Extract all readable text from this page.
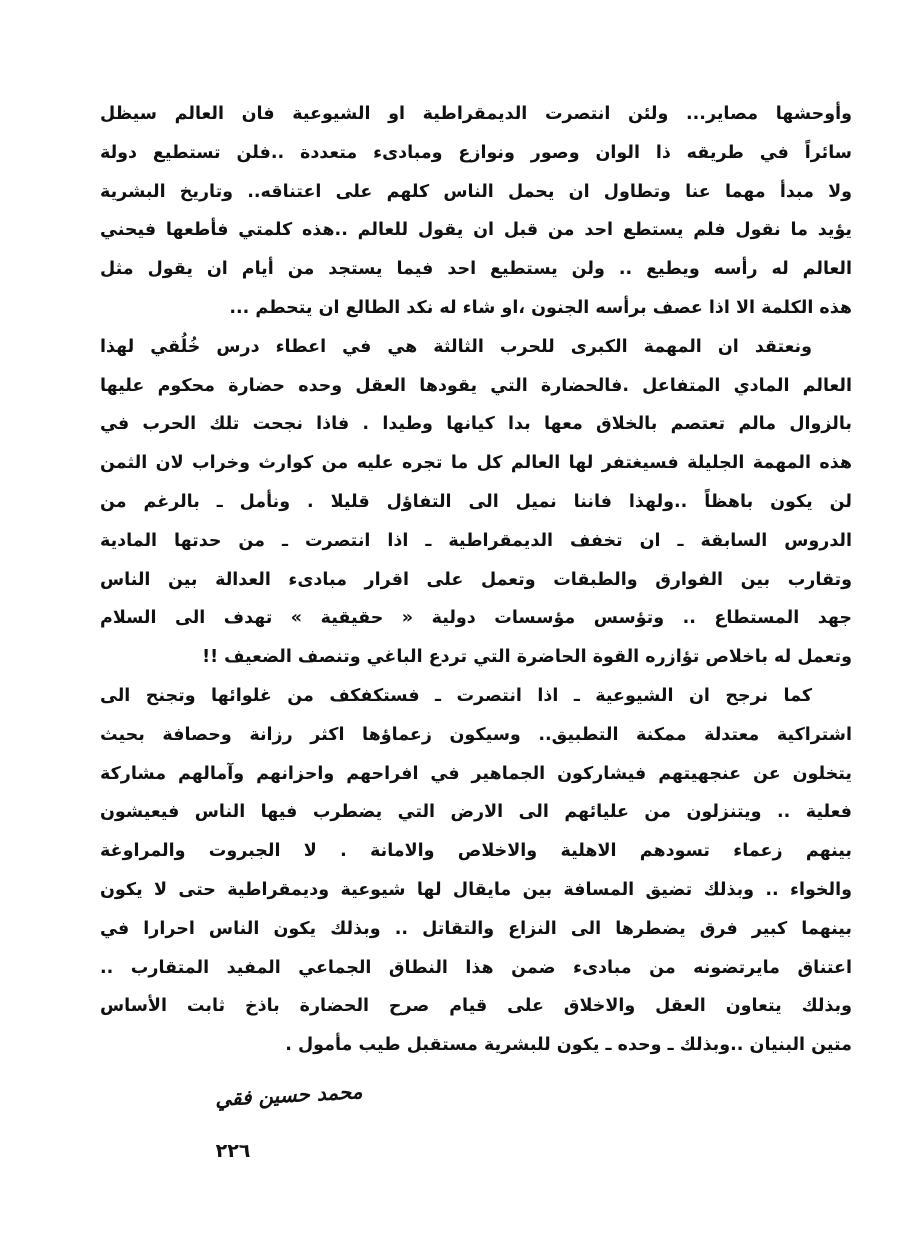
وأوحشها مصاير... ولئن انتصرت الديمقراطية او الشيوعية فان العالم سيظل
سائراً في طريقه ذا الوان وصور ونوازع ومبادىء متعددة ..فلن تستطيع دولة
ولا مبدأ مهما عنا وتطاول ان يحمل الناس كلهم على اعتناقه.. وتاريخ البشرية
يؤيد ما نقول فلم يستطع احد من قبل ان يقول للعالم ..هذه كلمتي فأطعها فيحني
العالم له رأسه ويطيع .. ولن يستطيع احد فيما يستجد من أيام ان يقول مثل
هذه الكلمة الا اذا عصف برأسه الجنون ،او شاء له نكد الطالع ان يتحطم ...
ونعتقد ان المهمة الكبرى للحرب الثالثة هي في اعطاء درس خُلُقي لهذا
العالم المادي المتفاعل .فالحضارة التي يقودها العقل وحده حضارة محكوم عليها
بالزوال مالم تعتصم بالخلاق معها بدا كيانها وطيدا . فاذا نجحت تلك الحرب في
هذه المهمة الجليلة فسيغتفر لها العالم كل ما تجره عليه من كوارث وخراب لان الثمن
لن يكون باهظاً ..ولهذا فاننا نميل الى التفاؤل قليلا . ونأمل ـ بالرغم من
الدروس السابقة ـ ان تخفف الديمقراطية ـ اذا انتصرت ـ من حدتها المادية
وتقارب بين الفوارق والطبقات وتعمل على اقرار مبادىء العدالة بين الناس
جهد المستطاع .. وتؤسس مؤسسات دولية « حقيقية » تهدف الى السلام
وتعمل له باخلاص تؤازره القوة الحاضرة التي تردع الباغي وتنصف الضعيف !!
كما نرجح ان الشيوعية ـ اذا انتصرت ـ فستكفكف من غلوائها وتجنح الى
اشتراكية معتدلة ممكنة التطبيق.. وسيكون زعماؤها اكثر رزانة وحصافة بحيث
يتخلون عن عنجهيتهم فيشاركون الجماهير في افراحهم واحزانهم وآمالهم مشاركة
فعلية .. ويتنزلون من عليائهم الى الارض التي يضطرب فيها الناس فيعيشون
بينهم زعماء تسودهم الاهلية والاخلاص والامانة . لا الجبروت والمراوغة
والخواء .. وبذلك تضيق المسافة بين مايقال لها شيوعية وديمقراطية حتى لا يكون
بينهما كبير فرق يضطرها الى النزاع والتقاتل .. وبذلك يكون الناس احرارا في
اعتناق مايرتضونه من مبادىء ضمن هذا النطاق الجماعي المفيد المتقارب ..
وبذلك يتعاون العقل والاخلاق على قيام صرح الحضارة باذخ ثابت الأساس
متين البنيان ..وبذلك ـ وحده ـ يكون للبشرية مستقبل طيب مأمول .
محمد حسين فقي
٢٢٦
